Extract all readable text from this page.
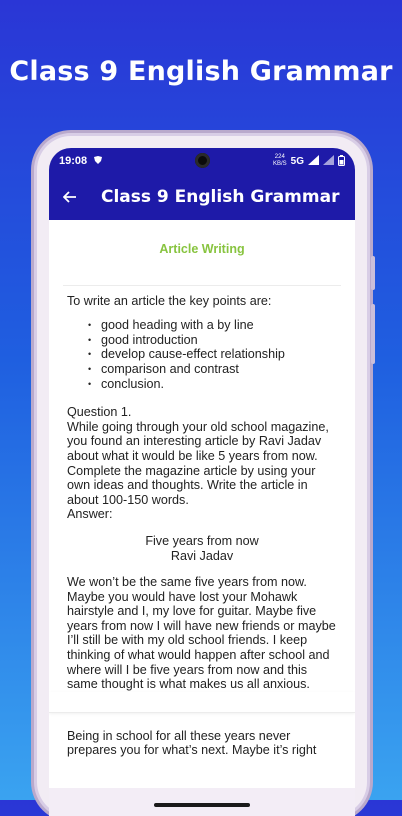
Class 9 English Grammar
19:08	224
KB/S 5G
Class 9 English Grammar
Article Writing

To write an article the key points are:

• good heading with a by line
• good introduction
• develop cause-effect relationship
• comparison and contrast
• conclusion.

Question 1.

While going through your old school magazine, you found an interesting article by Ravi Jadav about what it would be like 5 years from now. Complete the magazine article by using your own ideas and thoughts. Write the article in about 100-150 words.

Answer:

Five years from now

Ravi Jadav

We won’t be the same five years from now. Maybe you would have lost your Mohawk hairstyle and I, my love for guitar. Maybe five years from now I will have new friends or maybe I’ll still be with my old school friends. I keep thinking of what would happen after school and where will I be five years from now and this same thought is what makes us all anxious.

Being in school for all these years never prepares you for what’s next. Maybe it’s right
